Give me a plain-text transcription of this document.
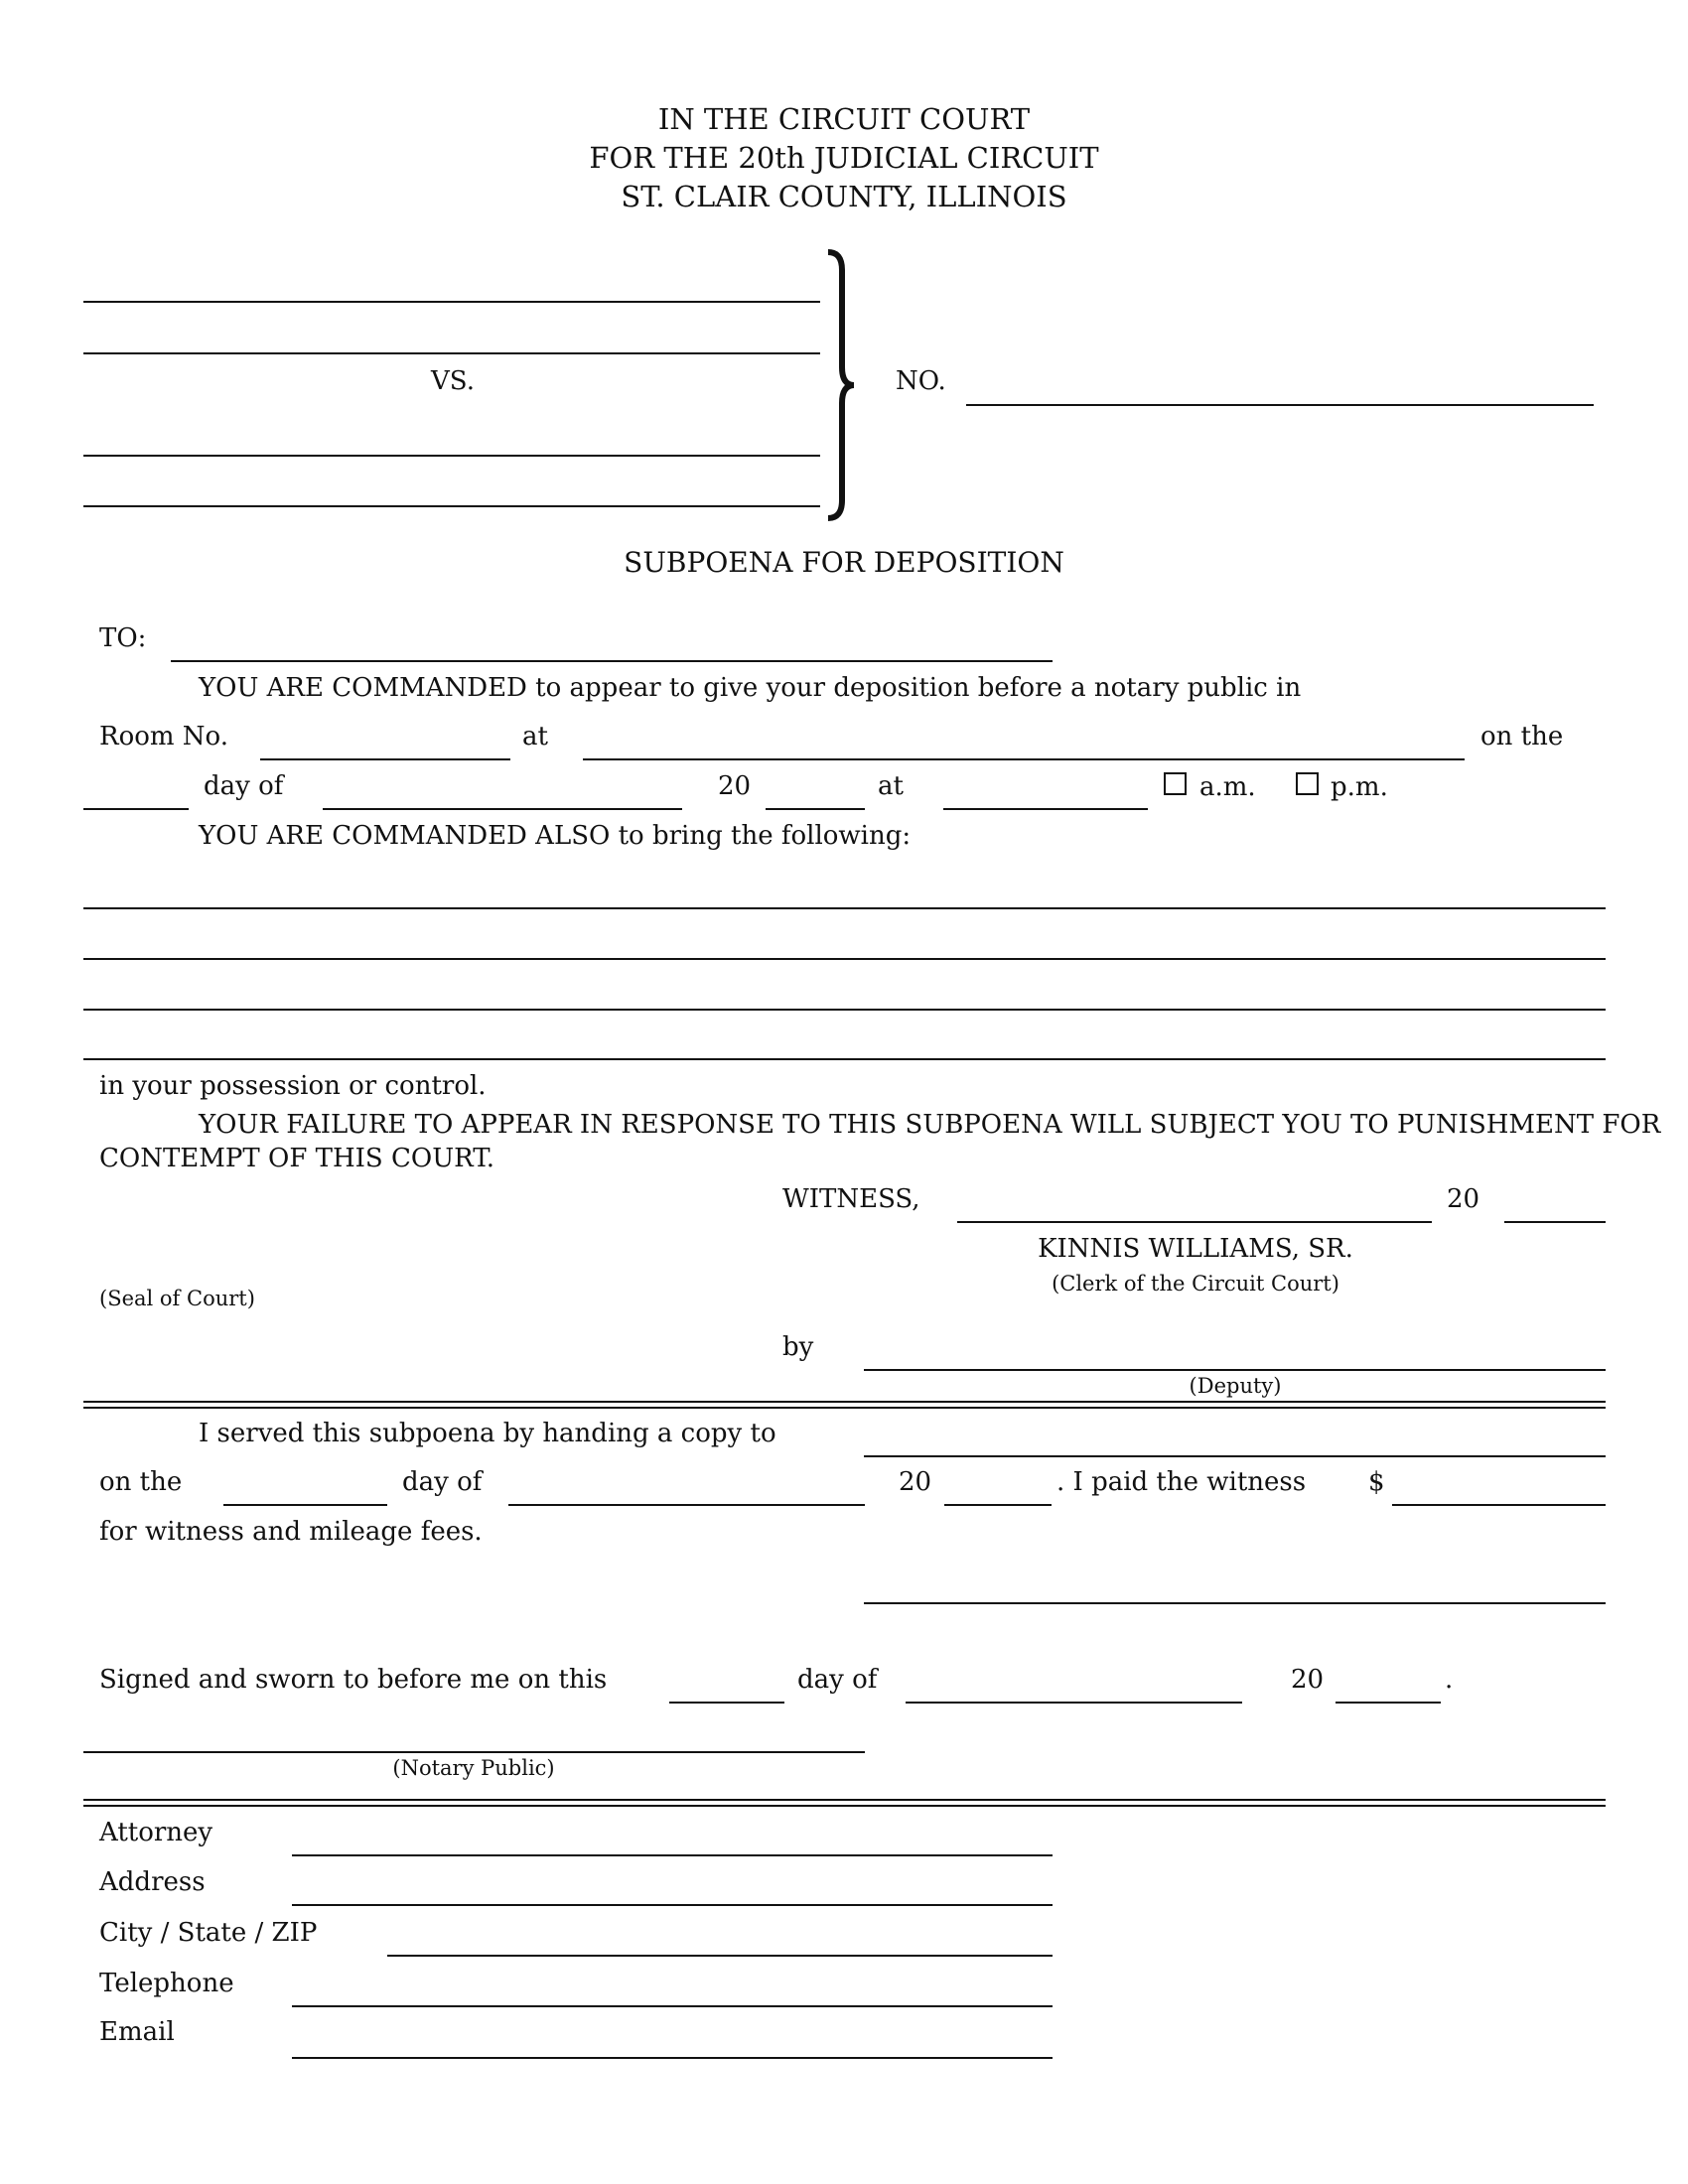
IN THE CIRCUIT COURT
FOR THE 20th JUDICIAL CIRCUIT
ST. CLAIR COUNTY, ILLINOIS
VS.	NO.
SUBPOENA FOR DEPOSITION
TO:
YOU ARE COMMANDED to appear to give your deposition before a notary public in
Room No.	at	on the
day of	20	at	a.m.	p.m.
YOU ARE COMMANDED ALSO to bring the following:
in your possession or control.
YOUR FAILURE TO APPEAR IN RESPONSE TO THIS SUBPOENA WILL SUBJECT YOU TO PUNISHMENT FOR
CONTEMPT OF THIS COURT.
WITNESS,	20
KINNIS WILLIAMS, SR.
(Clerk of the Circuit Court)
(Seal of Court)
by
(Deputy)
I served this subpoena by handing a copy to
on the	day of	20	. I paid the witness $
for witness and mileage fees.
Signed and sworn to before me on this	day of	20	.
(Notary Public)
Attorney
Address
City / State / ZIP
Telephone
Email
